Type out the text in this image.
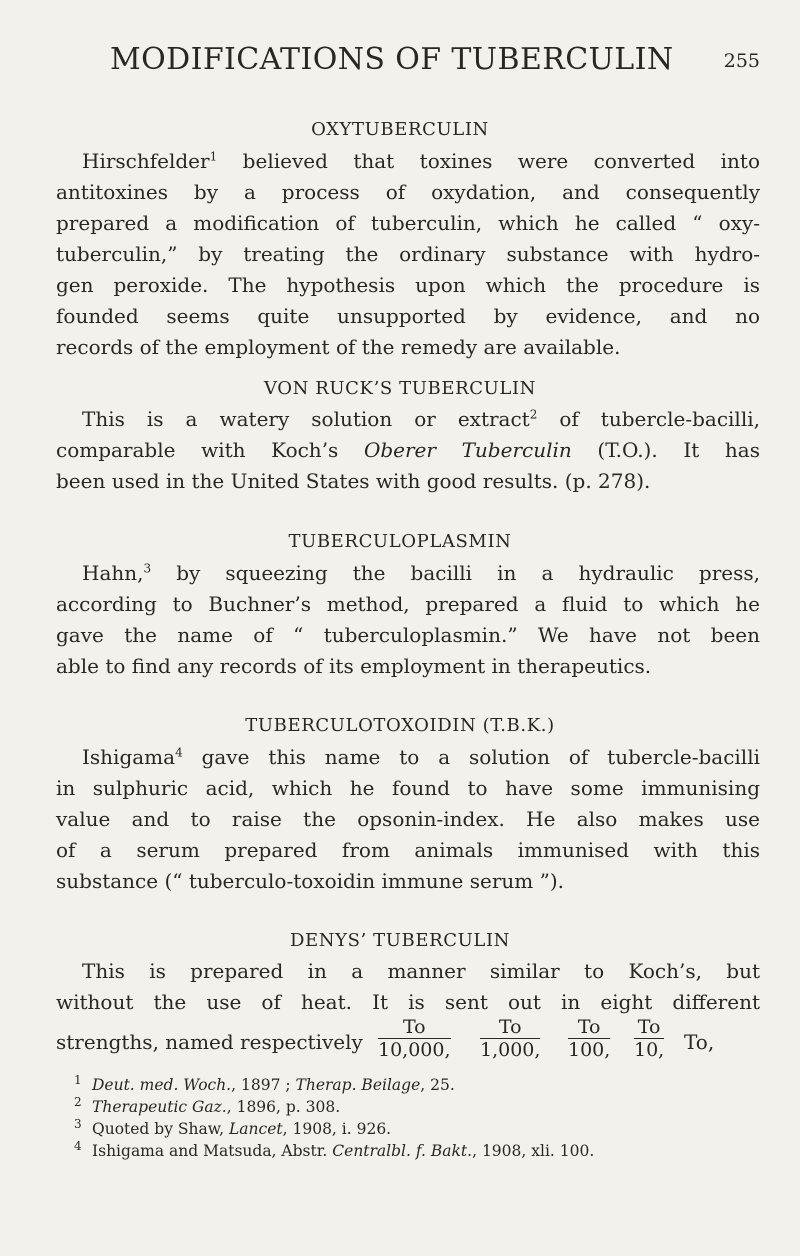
MODIFICATIONS OF TUBERCULIN	255
OXYTUBERCULIN
Hirschfelder$^1$ believed that toxines were converted into
antitoxines by a process of oxydation, and consequently
prepared a modification of tuberculin, which he called “ oxy-
tuberculin,” by treating the ordinary substance with hydro-
gen peroxide. The hypothesis upon which the procedure is
founded seems quite unsupported by evidence, and no
records of the employment of the remedy are available.
VON RUCK’S TUBERCULIN
This is a watery solution or extract$^2$ of tubercle-bacilli,
comparable with Koch’s Oberer Tuberculin (T.O.). It has
been used in the United States with good results. (p. 278).
TUBERCULOPLASMIN
Hahn,$^3$ by squeezing the bacilli in a hydraulic press,
according to Buchner’s method, prepared a fluid to which he
gave the name of “ tuberculoplasmin.” We have not been
able to find any records of its employment in therapeutics.
TUBERCULOTOXOIDIN (T.B.K.)
Ishigama$^4$ gave this name to a solution of tubercle-bacilli
in sulphuric acid, which he found to have some immunising
value and to raise the opsonin-index. He also makes use
of a serum prepared from animals immunised with this
substance (“ tuberculo-toxoidin immune serum ”).
DENYS’ TUBERCULIN
This is prepared in a manner similar to Koch’s, but
without the use of heat. It is sent out in eight different
strengths, named respectively $\frac{To}{10,000,} \frac{To}{1,000,} \frac{To}{100,} \frac{To}{10,} To$,
1 Deut. med. Woch., 1897 ; Therap. Beilage, 25.
2 Therapeutic Gaz., 1896, p. 308.
3 Quoted by Shaw, Lancet, 1908, i. 926.
4 Ishigama and Matsuda, Abstr. Centralbl. f. Bakt., 1908, xli. 100.
